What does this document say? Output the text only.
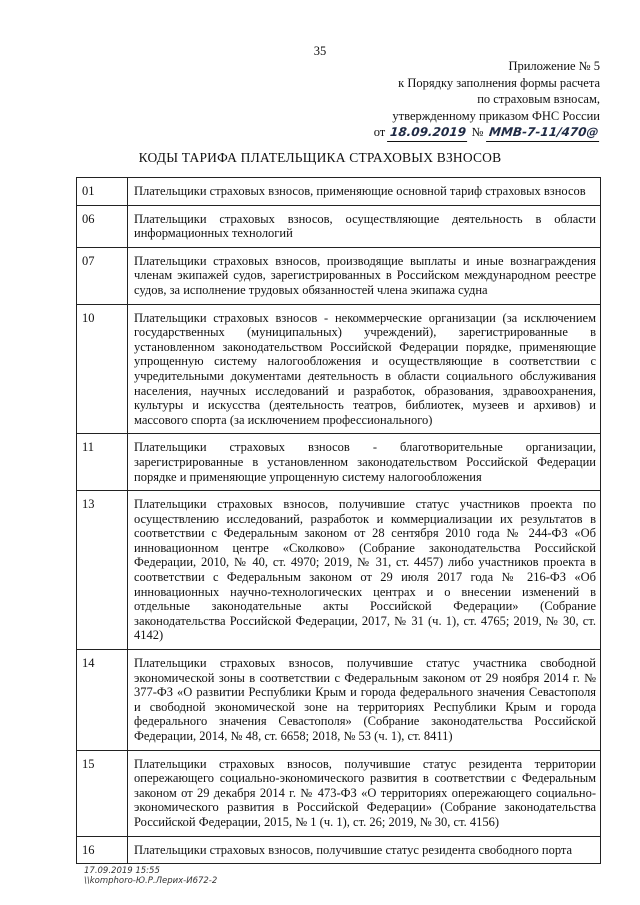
35
Приложение № 5
к Порядку заполнения формы расчета
по страховым взносам,
утвержденному приказом ФНС России
от 18.09.2019 № ММВ-7-11/470@
КОДЫ ТАРИФА ПЛАТЕЛЬЩИКА СТРАХОВЫХ ВЗНОСОВ
01	Плательщики страховых взносов, применяющие основной тариф страховых взносов
06	Плательщики страховых взносов, осуществляющие деятельность в области информационных технологий
07	Плательщики страховых взносов, производящие выплаты и иные вознаграждения членам экипажей судов, зарегистрированных в Российском международном реестре судов, за исполнение трудовых обязанностей члена экипажа судна
10	Плательщики страховых взносов - некоммерческие организации (за исключением государственных (муниципальных) учреждений), зарегистрированные в установленном законодательством Российской Федерации порядке, применяющие упрощенную систему налогообложения и осуществляющие в соответствии с учредительными документами деятельность в области социального обслуживания населения, научных исследований и разработок, образования, здравоохранения, культуры и искусства (деятельность театров, библиотек, музеев и архивов) и массового спорта (за исключением профессионального)
11	Плательщики страховых взносов - благотворительные организации, зарегистрированные в установленном законодательством Российской Федерации порядке и применяющие упрощенную систему налогообложения
13	Плательщики страховых взносов, получившие статус участников проекта по осуществлению исследований, разработок и коммерциализации их результатов в соответствии с Федеральным законом от 28 сентября 2010 года № 244-ФЗ «Об инновационном центре «Сколково» (Собрание законодательства Российской Федерации, 2010, № 40, ст. 4970; 2019, № 31, ст. 4457) либо участников проекта в соответствии с Федеральным законом от 29 июля 2017 года № 216-ФЗ «Об инновационных научно-технологических центрах и о внесении изменений в отдельные законодательные акты Российской Федерации» (Собрание законодательства Российской Федерации, 2017, № 31 (ч. 1), ст. 4765; 2019, № 30, ст. 4142)
14	Плательщики страховых взносов, получившие статус участника свободной экономической зоны в соответствии с Федеральным законом от 29 ноября 2014 г. № 377-ФЗ «О развитии Республики Крым и города федерального значения Севастополя и свободной экономической зоне на территориях Республики Крым и города федерального значения Севастополя» (Собрание законодательства Российской Федерации, 2014, № 48, ст. 6658; 2018, № 53 (ч. 1), ст. 8411)
15	Плательщики страховых взносов, получившие статус резидента территории опережающего социально-экономического развития в соответствии с Федеральным законом от 29 декабря 2014 г. № 473-ФЗ «О территориях опережающего социально-экономического развития в Российской Федерации» (Собрание законодательства Российской Федерации, 2015, № 1 (ч. 1), ст. 26; 2019, № 30, ст. 4156)
16	Плательщики страховых взносов, получившие статус резидента свободного порта
17.09.2019 15:55
\\komphoro-Ю.Р.Лерих-И672-2
